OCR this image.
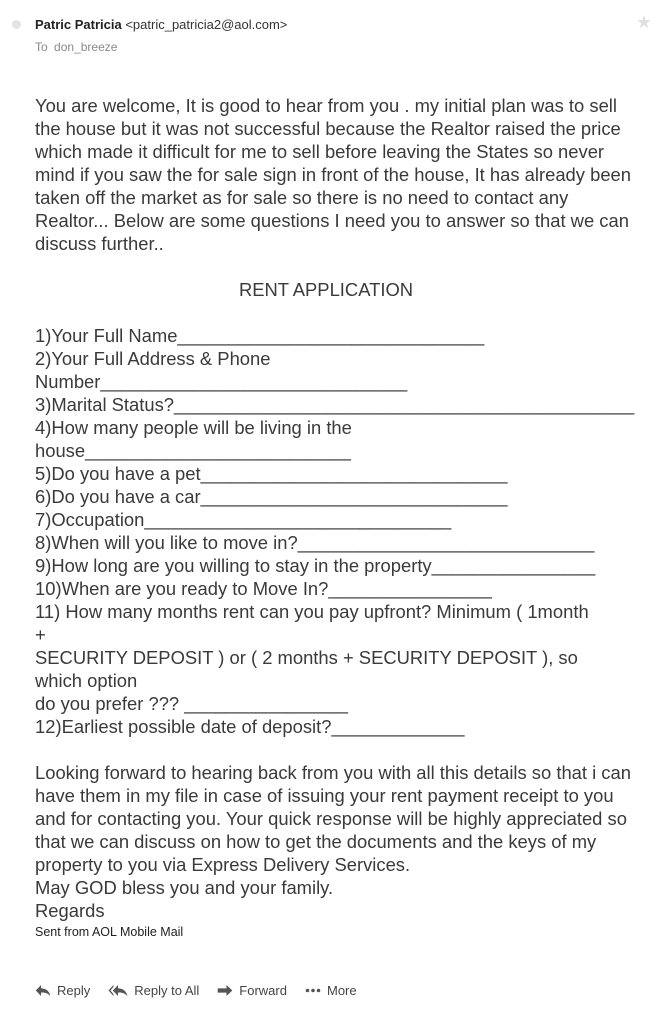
★
Patric Patricia <patric_patricia2@aol.com>
To don_breeze

You are welcome, It is good to hear from you . my initial plan was to sell the house but it was not successful because the Realtor raised the price which made it difficult for me to sell before leaving the States so never mind if you saw the for sale sign in front of the house, It has already been taken off the market as for sale so there is no need to contact any Realtor... Below are some questions I need you to answer so that we can discuss further..

RENT APPLICATION

1)Your Full Name______________________________
2)Your Full Address & Phone
Number______________________________
3)Marital Status?_____________________________________________
4)How many people will be living in the
house__________________________
5)Do you have a pet______________________________
6)Do you have a car______________________________
7)Occupation______________________________
8)When will you like to move in?_____________________________
9)How long are you willing to stay in the property________________
10)When are you ready to Move In?________________
11) How many months rent can you pay upfront? Minimum ( 1month
+
SECURITY DEPOSIT ) or ( 2 months + SECURITY DEPOSIT ), so
which option
do you prefer ??? ________________
12)Earliest possible date of deposit?_____________

Looking forward to hearing back from you with all this details so that i can have them in my file in case of issuing your rent payment receipt to you and for contacting you. Your quick response will be highly appreciated so that we can discuss on how to get the documents and the keys of my property to you via Express Delivery Services.

May GOD bless you and your family.

Regards

Sent from AOL Mobile Mail
Reply	Reply to All	Forward	More
